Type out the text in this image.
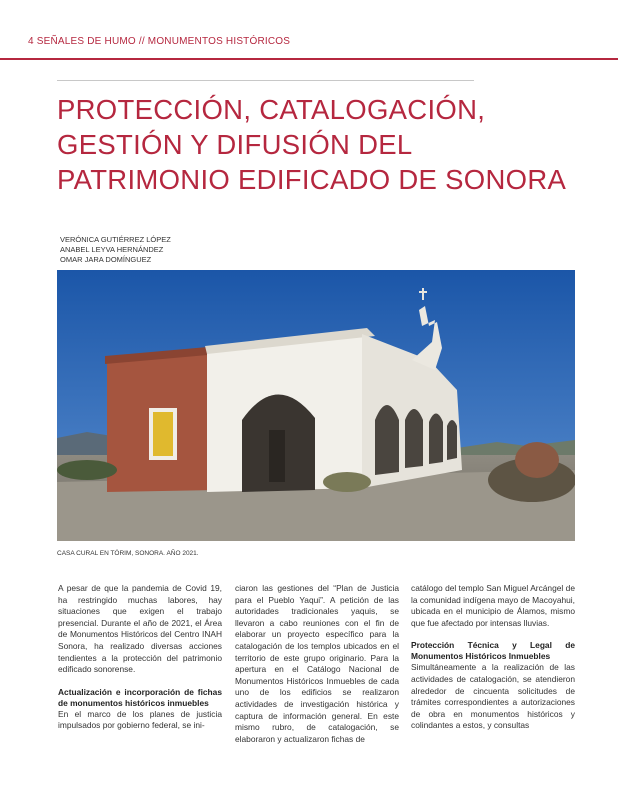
4 SEÑALES DE HUMO // MONUMENTOS HISTÓRICOS
PROTECCIÓN, CATALOGACIÓN,
GESTIÓN Y DIFUSIÓN DEL
PATRIMONIO EDIFICADO DE SONORA
VERÓNICA GUTIÉRREZ LÓPEZ
ANABEL LEYVA HERNÁNDEZ
OMAR JARA DOMÍNGUEZ
CASA CURAL EN TÓRIM, SONORA. AÑO 2021.

A pesar de que la pandemia de Covid 19, ha restringido muchas labores, hay situaciones que exigen el trabajo presencial. Durante el año de 2021, el Área de Monumentos Históricos del Centro INAH Sonora, ha realizado diversas acciones tendientes a la protección del patrimonio edificado sonorense.

Actualización e incorporación de fichas de monumentos históricos inmuebles

En el marco de los planes de justicia impulsados por gobierno federal, se ini-

ciaron las gestiones del “Plan de Justicia para el Pueblo Yaqui”. A petición de las autoridades tradicionales yaquis, se llevaron a cabo reuniones con el fin de elaborar un proyecto específico para la catalogación de los templos ubicados en el territorio de este grupo originario. Para la apertura en el Catálogo Nacional de Monumentos Históricos Inmuebles de cada uno de los edificios se realizaron actividades de investigación histórica y captura de información general. En este mismo rubro, de catalogación, se elaboraron y actualizaron fichas de

catálogo del templo San Miguel Arcángel de la comunidad indígena mayo de Macoyahui, ubicada en el municipio de Álamos, mismo que fue afectado por intensas lluvias.

Protección Técnica y Legal de Monumentos Históricos Inmuebles

Simultáneamente a la realización de las actividades de catalogación, se atendieron alrededor de cincuenta solicitudes de trámites correspondientes a autorizaciones de obra en monumentos históricos y colindantes a estos, y consultas
